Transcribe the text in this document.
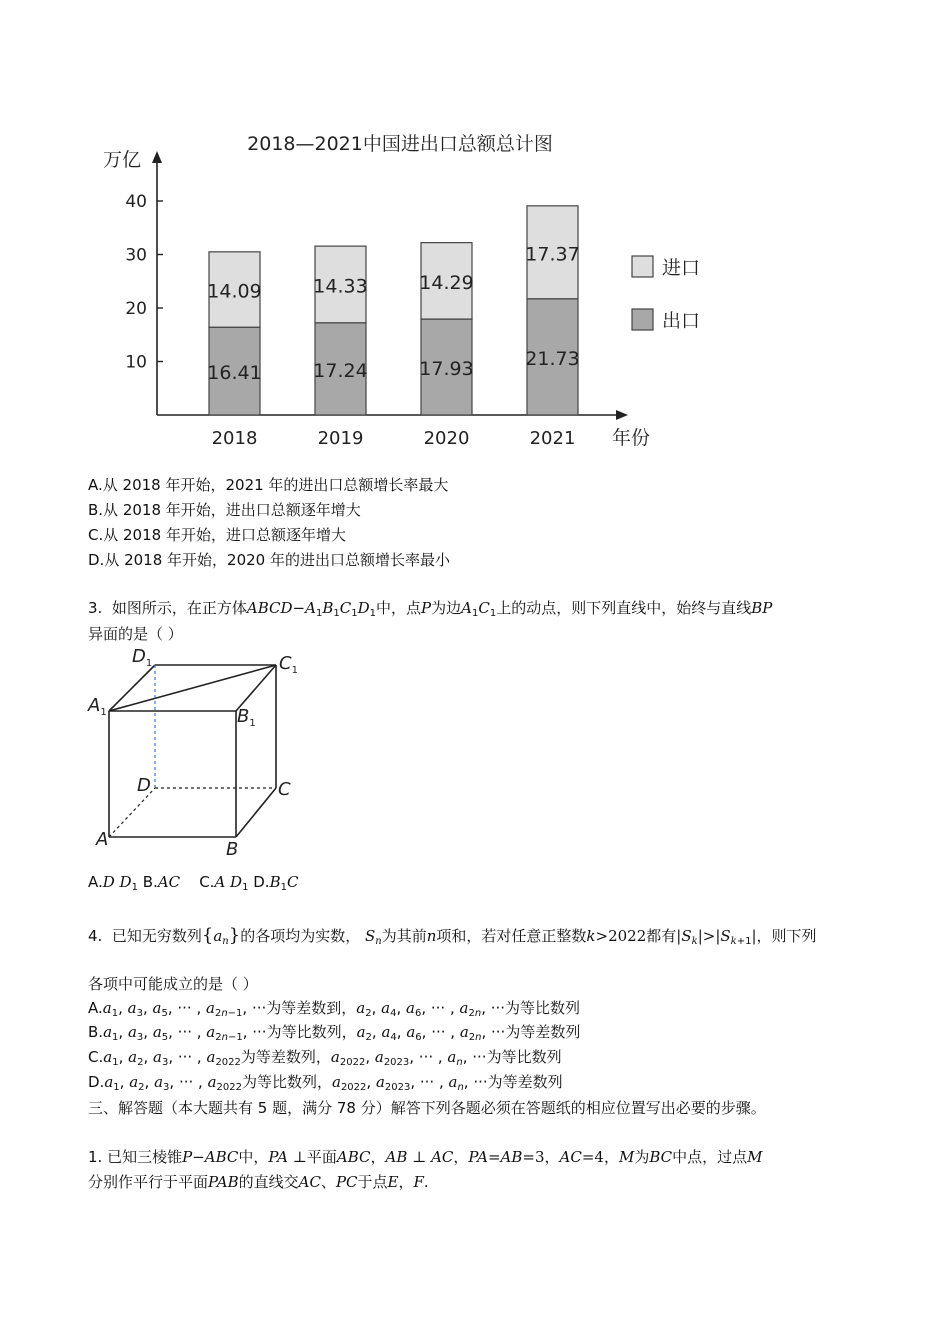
2018—2021中国进出口总额总计图
万亿
年份
10
20
30
40
16.41
14.09
2018
17.24
14.33
2019
17.93
14.29
2020
21.73
17.37
2021
进口
出口
A.从 2018 年开始，2021 年的进出口总额增长率最大
B.从 2018 年开始，进出口总额逐年增大
C.从 2018 年开始，进口总额逐年增大
D.从 2018 年开始，2020 年的进出口总额增长率最小
3. 如图所示，在正方体$ABCD-A_1B_1C_1D_1$中，点P为边$A_1C_1$上的动点，则下列直线中，始终与直线BP
异面的是（ ）
$D_1$	$C_1$
$A_1$	$B_1$
D	C
A	B
A.D $D_1$ B.AC C.A $D_1$ $D.B_1C$
4. 已知无穷数列$\{a_n\}$的各项均为实数， $S_n$为其前n项和，若对任意正整数k>2022都有$|S_k|>|S_{k+1}|$，则下列
各项中可能成立的是（ ）
$A.a_1$, $a_3$, $a_5$, ··· , $a_{2n-1}$, ···为等差数到，$a_2$, $a_4$, $a_6$, ··· , $a_{2n}$, ···为等比数列
$B.a_1$, $a_3$, $a_5$, ··· , $a_{2n-1}$, ···为等比数列，$a_2$, $a_4$, $a_6$, ··· , $a_{2n}$, ···为等差数列
$C.a_1$, $a_2$, $a_3$, ··· , $a_{2022}$为等差数列，$a_{2022}$, $a_{2023}$, ··· , $a_n$, ···为等比数列
$D.a_1$, $a_2$, $a_3$, ··· , $a_{2022}$为等比数列，$a_{2022}$, $a_{2023}$, ··· , $a_n$, ···为等差数列
三、解答题（本大题共有 5 题，满分 78 分）解答下列各题必须在答题纸的相应位置写出必要的步骤。
1. 已知三棱锥P−ABC中，PA ⊥平面ABC，AB ⊥ AC，PA=AB=3，AC=4，M为BC中点，过点M
分别作平行于平面PAB的直线交AC、PC于点E，F.
